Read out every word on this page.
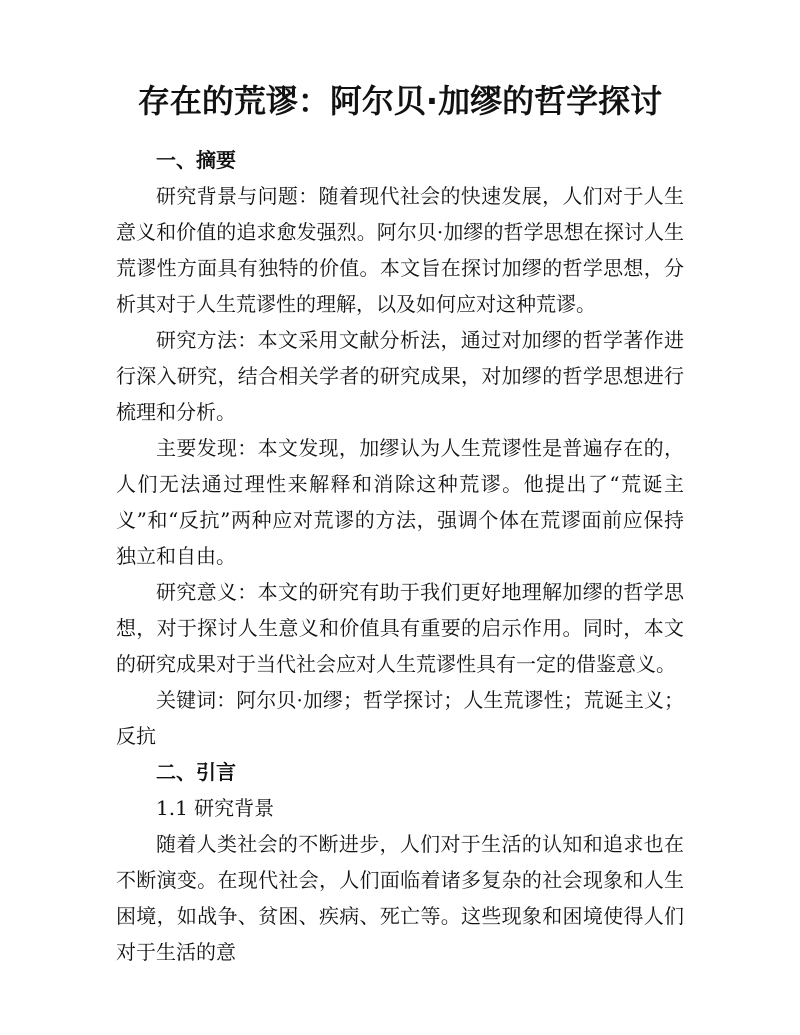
存在的荒谬：阿尔贝·加缪的哲学探讨

一、摘要

研究背景与问题：随着现代社会的快速发展，人们对于人生意义和价值的追求愈发强烈。阿尔贝·加缪的哲学思想在探讨人生荒谬性方面具有独特的价值。本文旨在探讨加缪的哲学思想，分析其对于人生荒谬性的理解，以及如何应对这种荒谬。

研究方法：本文采用文献分析法，通过对加缪的哲学著作进行深入研究，结合相关学者的研究成果，对加缪的哲学思想进行梳理和分析。

主要发现：本文发现，加缪认为人生荒谬性是普遍存在的，人们无法通过理性来解释和消除这种荒谬。他提出了“荒诞主义”和“反抗”两种应对荒谬的方法，强调个体在荒谬面前应保持独立和自由。

研究意义：本文的研究有助于我们更好地理解加缪的哲学思想，对于探讨人生意义和价值具有重要的启示作用。同时，本文的研究成果对于当代社会应对人生荒谬性具有一定的借鉴意义。

关键词：阿尔贝·加缪；哲学探讨；人生荒谬性；荒诞主义；反抗

二、引言

1.1 研究背景

随着人类社会的不断进步，人们对于生活的认知和追求也在不断演变。在现代社会，人们面临着诸多复杂的社会现象和人生困境，如战争、贫困、疾病、死亡等。这些现象和困境使得人们对于生活的意
